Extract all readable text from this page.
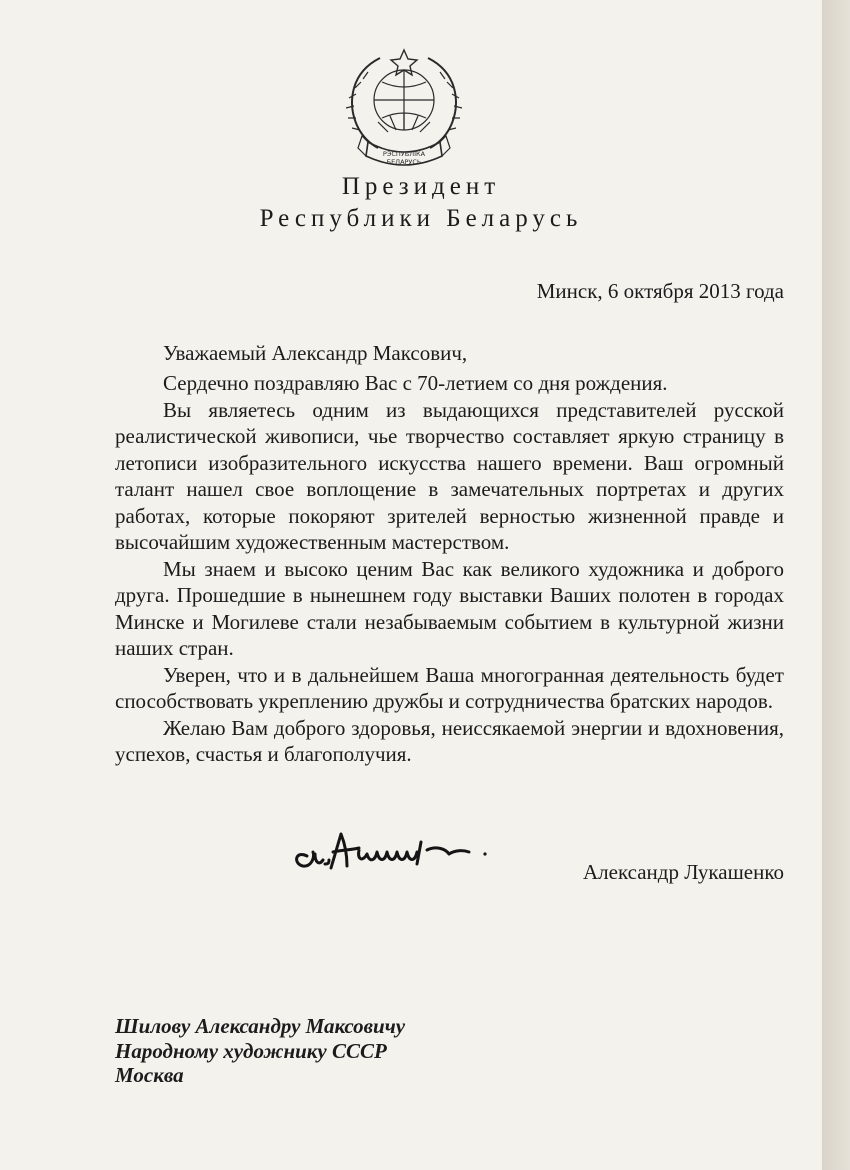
РЭСПУБЛІКА
БЕЛАРУСЬ
Президент
Республики Беларусь
Минск, 6 октября 2013 года
Уважаемый Александр Максович,

Сердечно поздравляю Вас с 70-летием со дня рождения.

Вы являетесь одним из выдающихся представителей русской реалистической живописи, чье творчество составляет яркую страницу в летописи изобразительного искусства нашего времени. Ваш огромный талант нашел свое воплощение в замечательных портретах и других работах, которые покоряют зрителей верностью жизненной правде и высочайшим художественным мастерством.

Мы знаем и высоко ценим Вас как великого художника и доброго друга. Прошедшие в нынешнем году выставки Ваших полотен в городах Минске и Могилеве стали незабываемым событием в культурной жизни наших стран.

Уверен, что и в дальнейшем Ваша многогранная деятельность будет способствовать укреплению дружбы и сотрудничества братских народов.

Желаю Вам доброго здоровья, неиссякаемой энергии и вдохновения, успехов, счастья и благополучия.

Александр Лукашенко
Шилову Александру Максовичу
Народному художнику СССР
Москва
